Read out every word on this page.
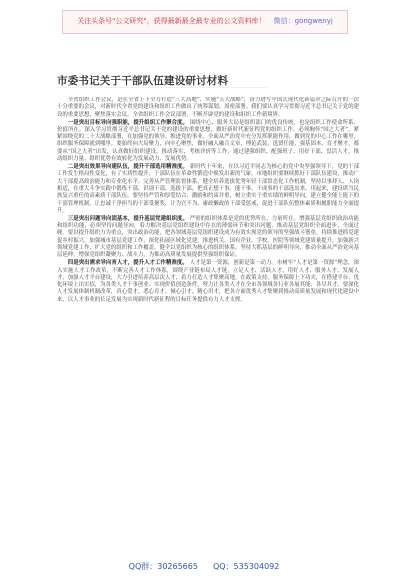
关注头条号"公文研究"，获得最新最全最专业的公文资料库！ 微信：gongwenyj
市委书记关于干部队伍建设研讨材料

全省组织工作会议，是在全省上下全力打造“三大高地”、实施“五大战略”，奋力谱写中国式现代化新篇章之际召开的一次十分重要的会议，对新时代全省党的建设和组织工作做出了统筹谋划、周密部署。我们要认真学习贯彻习近平总书记关于党的建设的重要思想，聚焦落实会议，全省组织工作会议部署，不断开辟党的建设和组织工作新境界。

一是突出目标导向强职能，提升组织工作聚合度。 围绕中心、服务大局是组织部门的优良传统，也是组织工作使命所系、价值所在。深入学习贯彻习近平总书记关于党的建设的重要思想，做好新时代新征程党的组织工作，必须胸怀“国之大者”，紧紧围绕党的二十大战略部署，在加强党的领导、推进党的事业、全面从严治党中充分发挥职能作用，做到党的中心工作在哪里，组织服务保障就到哪里。要始终向大局聚力，向中心聚焦，做好融入融合文章，理论武装、选贤任能、强基固本、育才聚才，都要从“国之大者”出发，认真做好组织建设、推动落实、考核评价等工作，通过建强组织、配强班子、用好干部、盘活人才，推动组织力量、组织优势有效转化为发展动力、发展优势。

二是突出效果导向建队伍，提升干部选用精准度。 新时代十年来，在以习近平同志为核心的党中央坚强领导下，党的干部工作发生格局性变化，有了实质性提升，干部队伍在革命性锻造中焕发出新的气象。市地组织要继续抓好干部队伍建设，推动广大干部提高政治能力和专业化水平、完善从严管理监督体系，健全培养选拔优秀年轻干部常态化工作机制，坚持以事择人、人岗相适，在重大斗争实践中锻炼干部、识别干部、选拔干部，把真正想干事、能干事、干成事的干部选出来、用起来，建设堪当民族复兴重任的高素质干部队伍。要坚持严管和厚爱结合、激励和约束并重，树立重实干重实绩的鲜明导向，建立健全能上能下的干部管理机制，让忠诚干净担当的干部受褒奖，让为官不为、庸政懒政的干部受惩戒，促进干部队伍整体素质和履职能力全面提升。

三是突出问题导向固基本，提升基层党建组织度。 严密的组织体系是党的优势所在、力量所在。增强基层党组织政治功能和组织功能，必须坚持问题导向，着力解决基层党组织建设中存在的薄弱环节和突出问题，推动基层党组织全面进步、全面过硬。要以提升组织力为重点，突出政治功能，把各领域基层党组织建设成为有效实现党的领导的坚强战斗堡垒。持续推进抓党建促乡村振兴，加强城市基层党建工作，深化拓展区域化党建，推进机关、国有企业、学校、医院等领域党建质量提升。加强新兴领域党建工作，扩大党的组织和工作覆盖。健全以党组织为核心的组织体系，坚持大抓基层的鲜明导向，推动全面从严治党向基层延伸，增强党组织凝聚力、战斗力，为推动高质量发展提供坚强组织保证。

四是突出需求导向育人才，提升人才工作精准度。 人才是第一资源，创新是第一动力。市树牢“人才是第一资源”理念，深入实施人才工作改革，不断完善人才工作体系，围绕产业链布局人才链，立足人才、活跃人才、用好人才、服务人才、发展人才，加强人才平台建设，大力引进培养高层次人才，着力打造人才集聚高地。在政策支持、服务保障上下功夫，在搭建平台、优化环境上出实招，为各类人才干事创业、实现价值创造条件，努力让各类人才在全市各领域各行业各展其能、各尽其才。要深化人才发展体制机制改革，真心爱才、悉心育才、倾心引才、精心用才，把各方面优秀人才集聚到推动高质量发展和现代化建设中来，以人才事业的长足发展为实现新时代新征程的目标任务提供有力人才支撑。

QQ群：30265665 QQ：535304092
